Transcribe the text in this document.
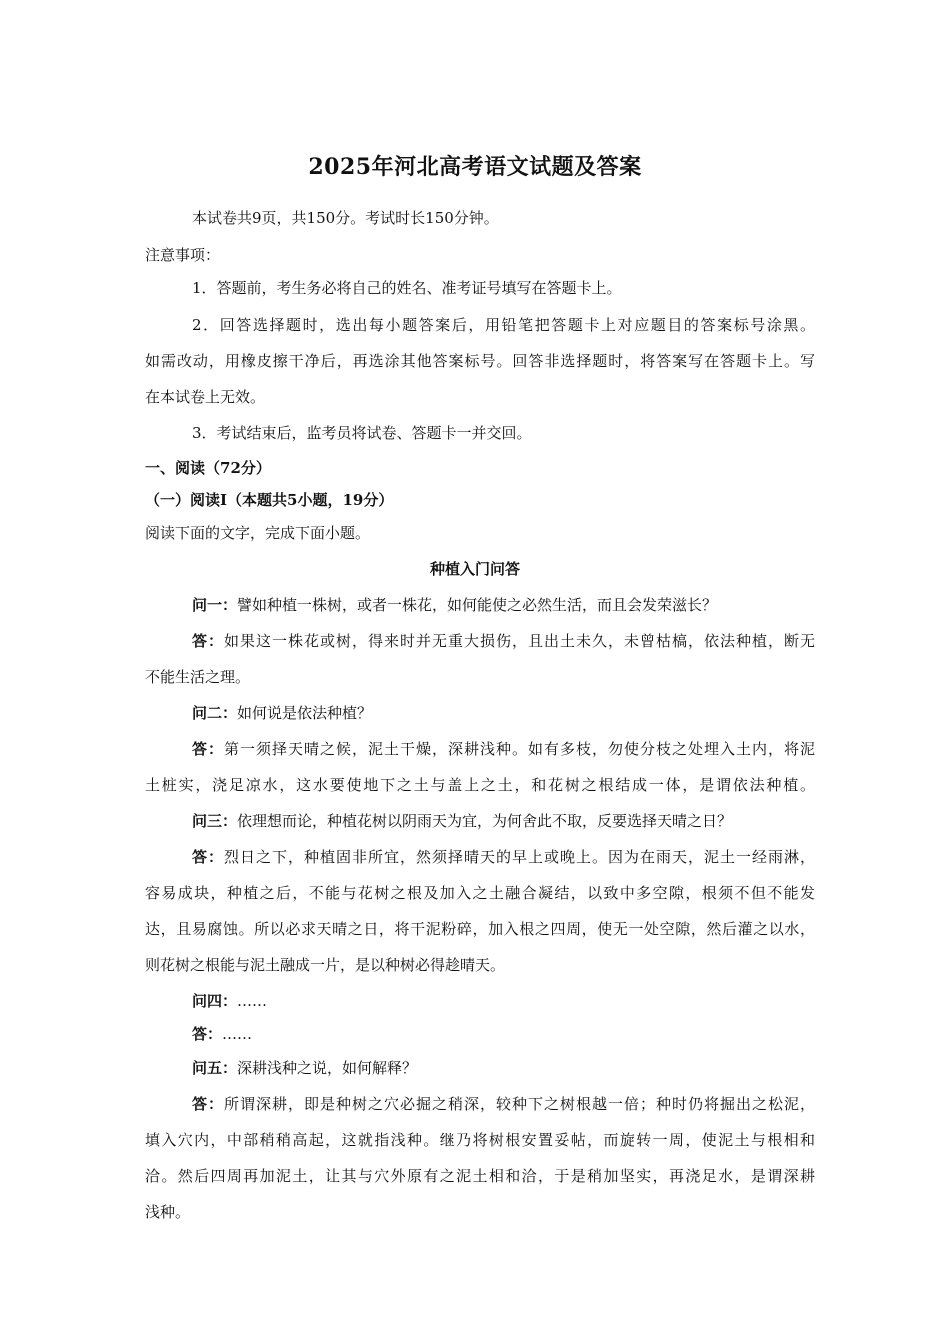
2025年河北高考语文试题及答案
本试卷共9页，共150分。考试时长150分钟。
注意事项：
1．答题前，考生务必将自己的姓名、准考证号填写在答题卡上。
2．回答选择题时，选出每小题答案后，用铅笔把答题卡上对应题目的答案标号涂黑。
如需改动，用橡皮擦干净后，再选涂其他答案标号。回答非选择题时，将答案写在答题卡上。写
在本试卷上无效。
3．考试结束后，监考员将试卷、答题卡一并交回。
一、阅读（72分）
（一）阅读Ⅰ（本题共5小题，19分）
阅读下面的文字，完成下面小题。
种植入门问答
问一：譬如种植一株树，或者一株花，如何能使之必然生活，而且会发荣滋长？
答：如果这一株花或树，得来时并无重大损伤，且出土未久，未曾枯槁，依法种植，断无
不能生活之理。
问二：如何说是依法种植？
答：第一须择天晴之候，泥土干燥，深耕浅种。如有多枝，勿使分枝之处埋入土内，将泥
土桩实，浇足凉水，这水要使地下之土与盖上之土，和花树之根结成一体，是谓依法种植。
问三：依理想而论，种植花树以阴雨天为宜，为何舍此不取，反要选择天晴之日？
答：烈日之下，种植固非所宜，然须择晴天的早上或晚上。因为在雨天，泥土一经雨淋，
容易成块，种植之后，不能与花树之根及加入之土融合凝结，以致中多空隙，根须不但不能发
达，且易腐蚀。所以必求天晴之日，将干泥粉碎，加入根之四周，使无一处空隙，然后灌之以水，
则花树之根能与泥土融成一片，是以种树必得趁晴天。
问四：……
答：……
问五：深耕浅种之说，如何解释？
答：所谓深耕，即是种树之穴必掘之稍深，较种下之树根越一倍；种时仍将掘出之松泥，
填入穴内，中部稍稍高起，这就指浅种。继乃将树根安置妥帖，而旋转一周，使泥土与根相和
洽。然后四周再加泥土，让其与穴外原有之泥土相和洽，于是稍加坚实，再浇足水，是谓深耕
浅种。
